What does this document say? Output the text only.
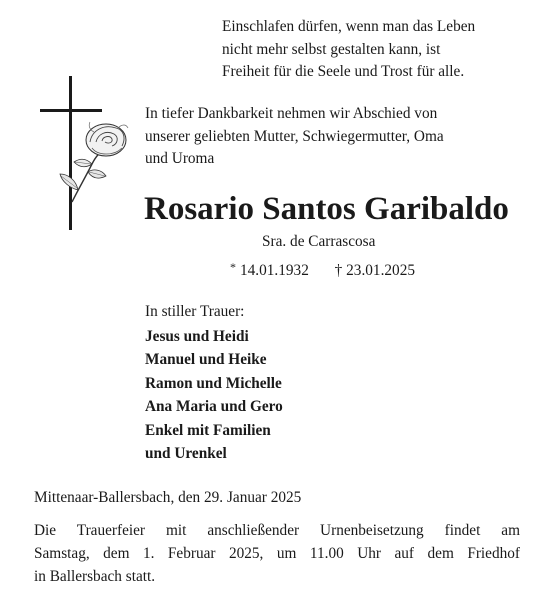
Einschlafen dürfen, wenn man das Leben
nicht mehr selbst gestalten kann, ist
Freiheit für die Seele und Trost für alle.
In tiefer Dankbarkeit nehmen wir Abschied von
unserer geliebten Mutter, Schwiegermutter, Oma
und Uroma
Rosario Santos Garibaldo
Sra. de Carrascosa
* 14.01.1932 † 23.01.2025
In stiller Trauer:
Jesus und Heidi
Manuel und Heike
Ramon und Michelle
Ana Maria und Gero
Enkel mit Familien
und Urenkel
Mittenaar-Ballersbach, den 29. Januar 2025
Die Trauerfeier mit anschließender Urnenbeisetzung findet am
Samstag, dem 1. Februar 2025, um 11.00 Uhr auf dem Friedhof
in Ballersbach statt.
